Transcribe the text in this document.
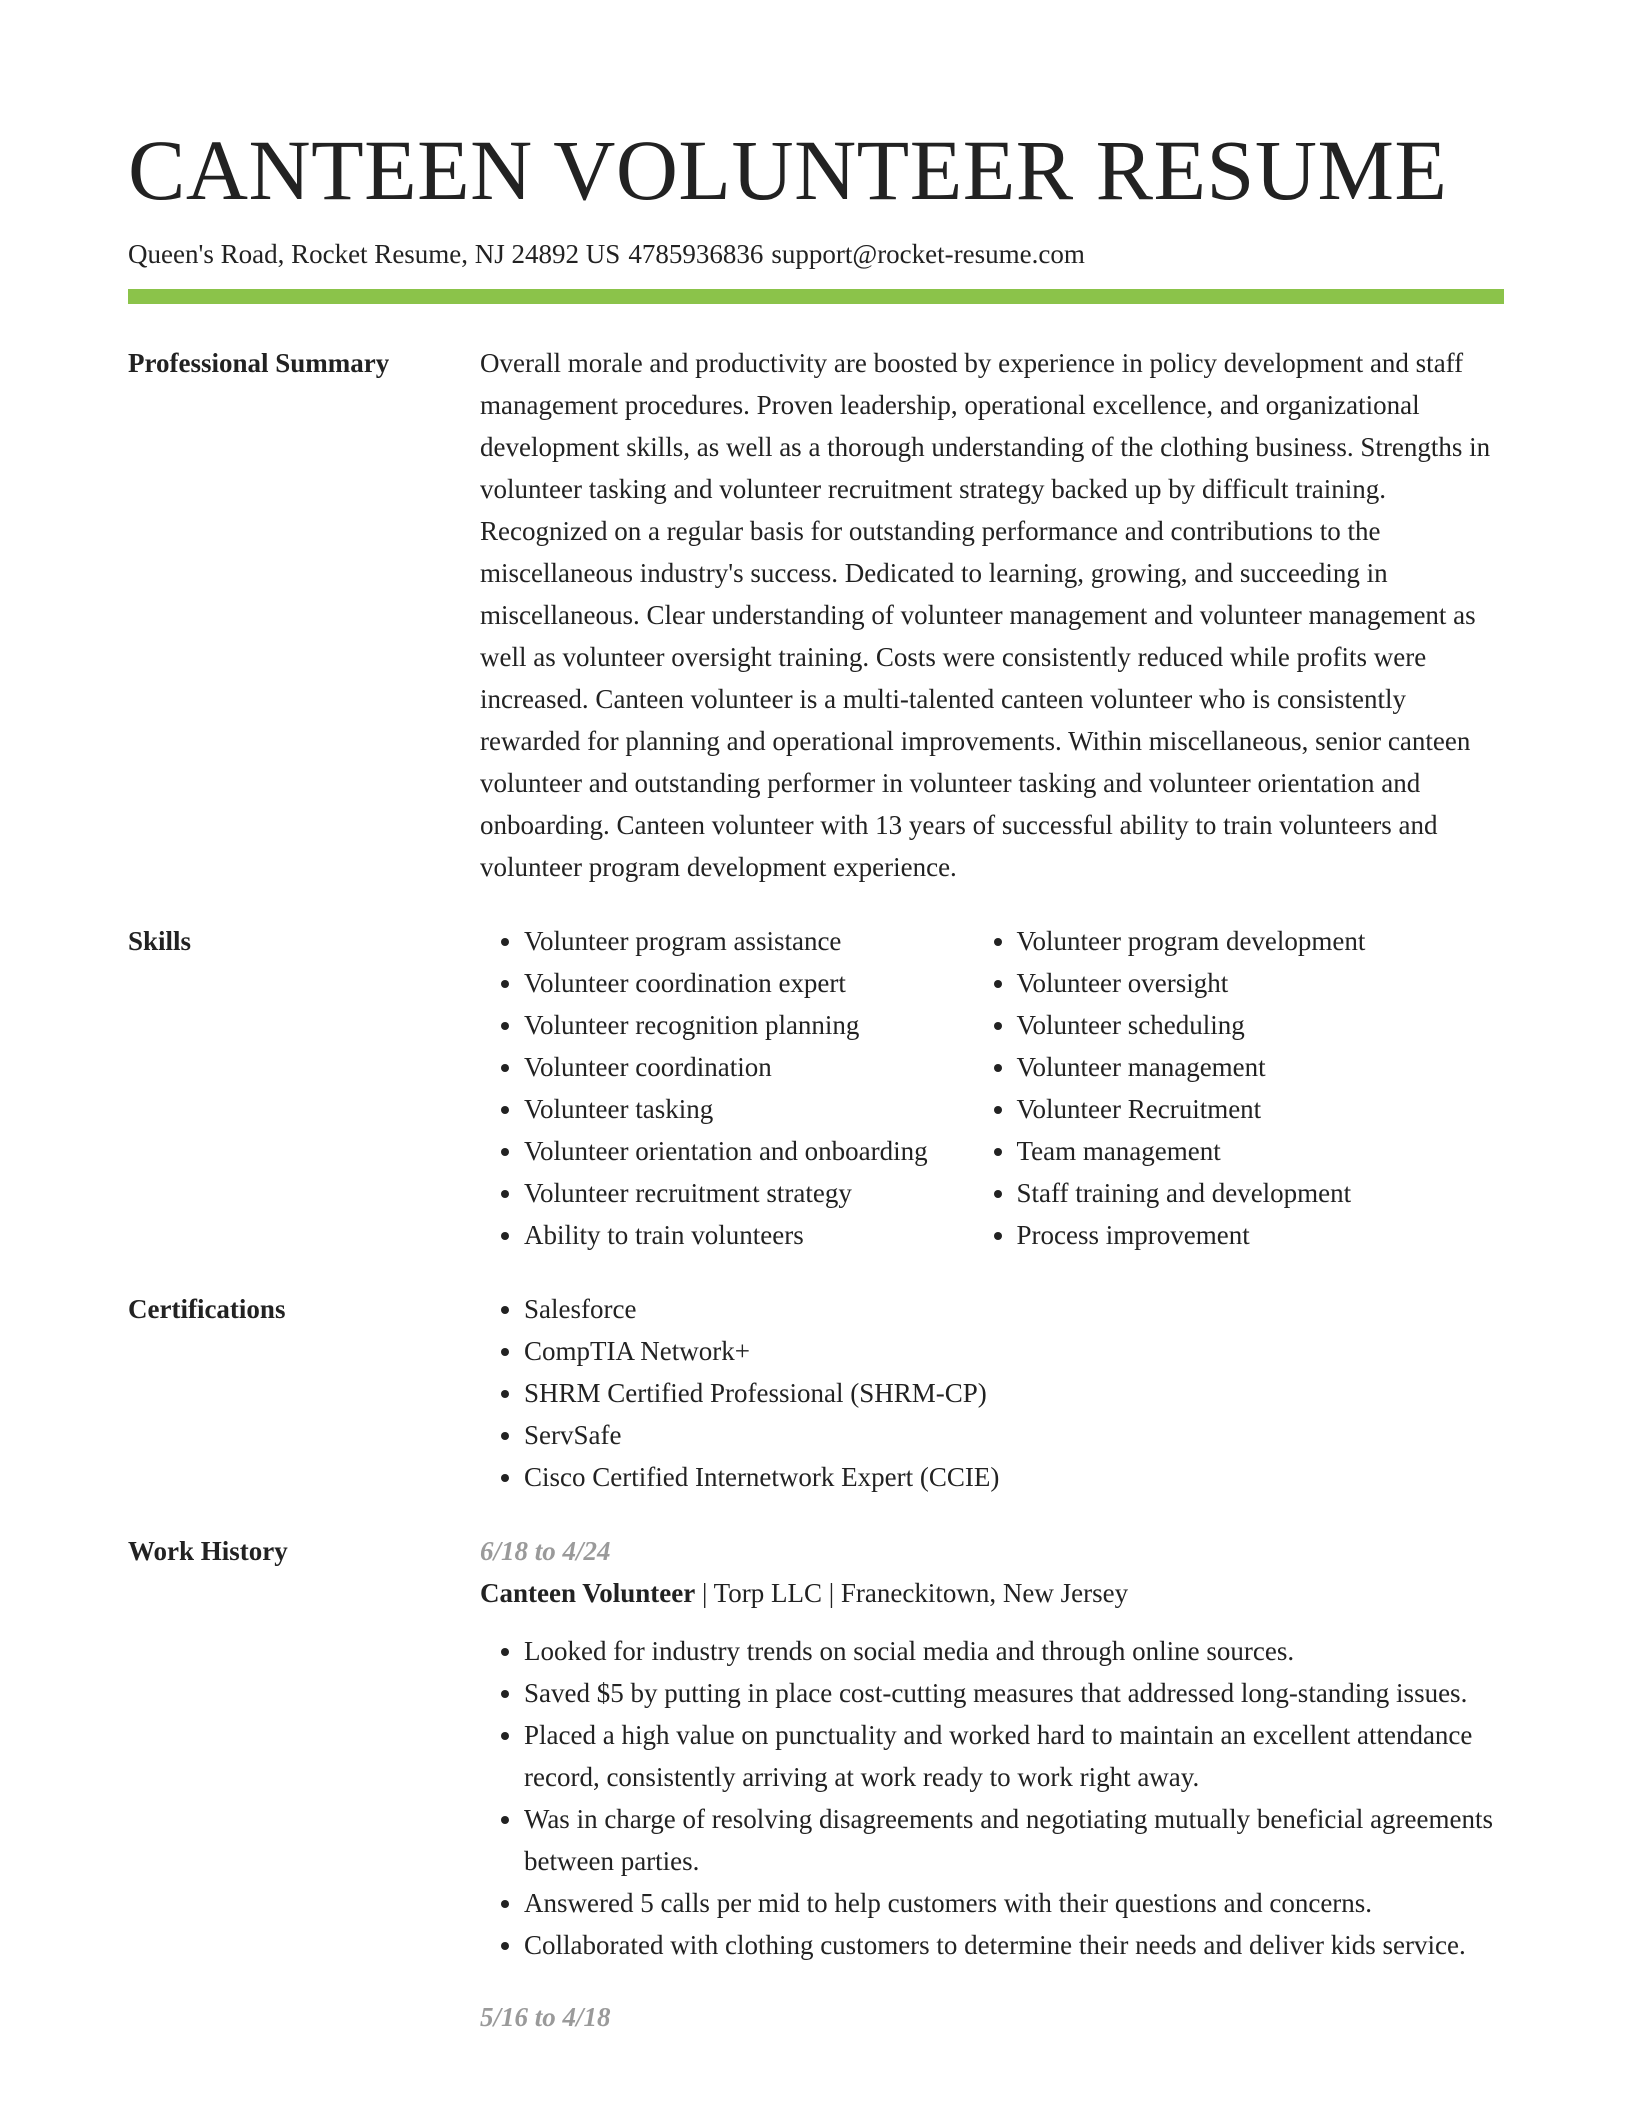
CANTEEN VOLUNTEER RESUME
Queen's Road, Rocket Resume, NJ 24892 US 4785936836 support@rocket-resume.com
Professional Summary	Overall morale and productivity are boosted by experience in policy development and staff management procedures. Proven leadership, operational excellence, and organizational development skills, as well as a thorough understanding of the clothing business. Strengths in volunteer tasking and volunteer recruitment strategy backed up by difficult training. Recognized on a regular basis for outstanding performance and contributions to the miscellaneous industry's success. Dedicated to learning, growing, and succeeding in miscellaneous. Clear understanding of volunteer management and volunteer management as well as volunteer oversight training. Costs were consistently reduced while profits were increased. Canteen volunteer is a multi-talented canteen volunteer who is consistently rewarded for planning and operational improvements. Within miscellaneous, senior canteen volunteer and outstanding performer in volunteer tasking and volunteer orientation and onboarding. Canteen volunteer with 13 years of successful ability to train volunteers and volunteer program development experience.

Skills	• Volunteer program assistance
• Volunteer coordination expert
• Volunteer recognition planning
• Volunteer coordination
• Volunteer tasking
• Volunteer orientation and onboarding
• Volunteer recruitment strategy
• Ability to train volunteers
• Volunteer program development
• Volunteer oversight
• Volunteer scheduling
• Volunteer management
• Volunteer Recruitment
• Team management
• Staff training and development
• Process improvement
Certifications	• Salesforce
• CompTIA Network+
• SHRM Certified Professional (SHRM-CP)
• ServSafe
• Cisco Certified Internetwork Expert (CCIE)
Work History	6/18 to 4/24
Canteen Volunteer | Torp LLC | Franeckitown, New Jersey
• Looked for industry trends on social media and through online sources.
• Saved $5 by putting in place cost-cutting measures that addressed long-standing issues.
• Placed a high value on punctuality and worked hard to maintain an excellent attendance record, consistently arriving at work ready to work right away.
• Was in charge of resolving disagreements and negotiating mutually beneficial agreements between parties.
• Answered 5 calls per mid to help customers with their questions and concerns.
• Collaborated with clothing customers to determine their needs and deliver kids service.
5/16 to 4/18
